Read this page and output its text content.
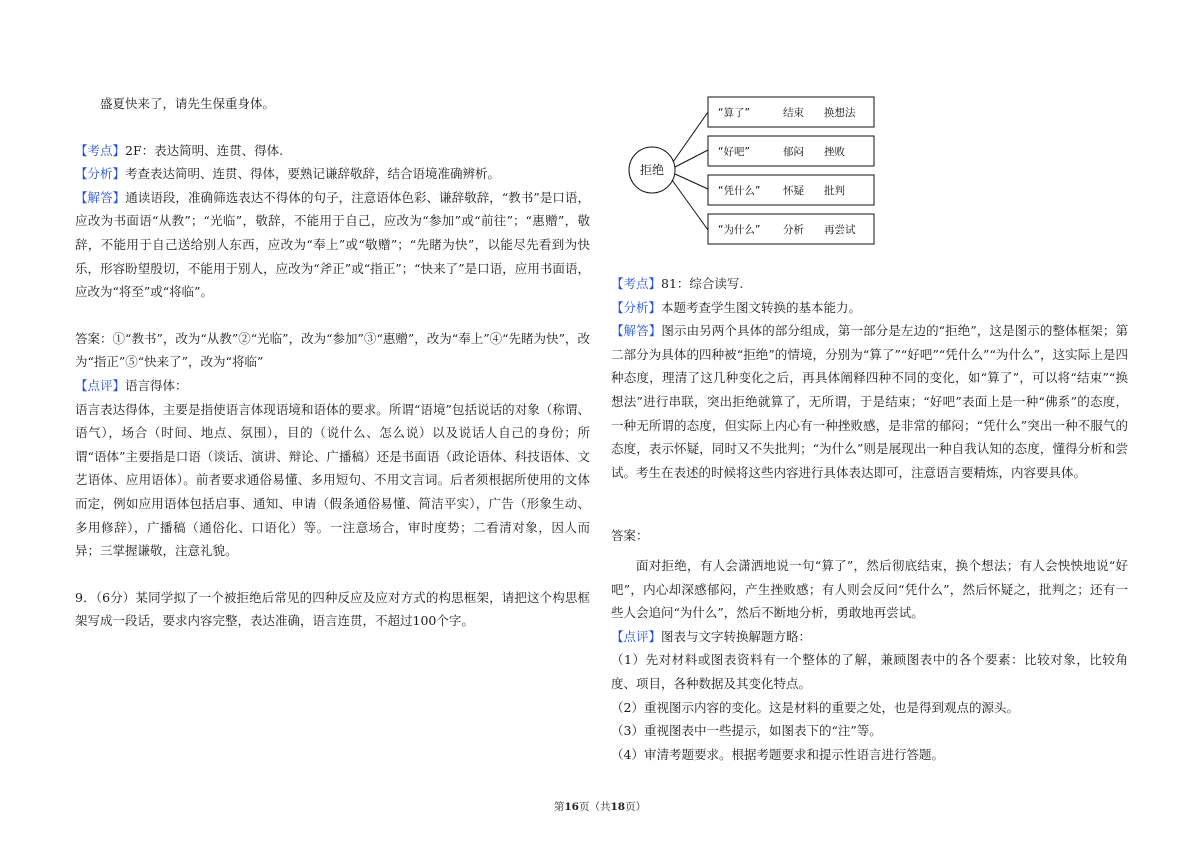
盛夏快来了，请先生保重身体。

【考点】2F：表达简明、连贯、得体.

【分析】考查表达简明、连贯、得体，要熟记谦辞敬辞，结合语境准确辨析。

【解答】通读语段，准确筛选表达不得体的句子，注意语体色彩、谦辞敬辞，“教书”是口语，应改为书面语“从教”；“光临”，敬辞，不能用于自己，应改为“参加”或“前往”；“惠赠”，敬辞，不能用于自己送给别人东西，应改为“奉上”或“敬赠”；“先睹为快”，以能尽先看到为快乐，形容盼望殷切，不能用于别人，应改为“斧正”或“指正”；“快来了”是口语，应用书面语，应改为“将至”或“将临”。

答案：①“教书”，改为“从教”②“光临”，改为“参加”③“惠赠”，改为“奉上”④“先睹为快”，改为“指正”⑤“快来了”，改为“将临”

【点评】语言得体：

语言表达得体，主要是指使语言体现语境和语体的要求。所谓“语境”包括说话的对象（称谓、语气），场合（时间、地点、氛围），目的（说什么、怎么说）以及说话人自己的身份；所谓“语体”主要指是口语（谈话、演讲、辩论、广播稿）还是书面语（政论语体、科技语体、文艺语体、应用语体）。前者要求通俗易懂、多用短句、不用文言词。后者须根据所使用的文体而定，例如应用语体包括启事、通知、申请（假条通俗易懂、简洁平实），广告（形象生动、多用修辞），广播稿（通俗化、口语化）等。一注意场合，审时度势；二看清对象，因人而异；三掌握谦敬，注意礼貌。

9．（6分）某同学拟了一个被拒绝后常见的四种反应及应对方式的构思框架，请把这个构思框架写成一段话，要求内容完整，表达准确，语言连贯，不超过100个字。

拒绝
“算了”	结束 换想法
“好吧”	郁闷 挫败
“凭什么” 怀疑 批判
“为什么” 分析 再尝试

【考点】81：综合读写.

【分析】本题考查学生图文转换的基本能力。

【解答】图示由另两个具体的部分组成，第一部分是左边的“拒绝”，这是图示的整体框架；第二部分为具体的四种被“拒绝”的情境，分别为“算了”“好吧”“凭什么”“为什么”，这实际上是四种态度，理清了这几种变化之后，再具体阐释四种不同的变化，如“算了”，可以将“结束”“换想法”进行串联，突出拒绝就算了，无所谓，于是结束；“好吧”表面上是一种“佛系”的态度，一种无所谓的态度，但实际上内心有一种挫败感，是非常的郁闷；“凭什么”突出一种不服气的态度，表示怀疑，同时又不失批判；“为什么”则是展现出一种自我认知的态度，懂得分析和尝试。考生在表述的时候将这些内容进行具体表达即可，注意语言要精炼，内容要具体。

答案：

面对拒绝，有人会潇洒地说一句“算了”，然后彻底结束，换个想法；有人会怏怏地说“好吧”，内心却深感郁闷，产生挫败感；有人则会反问“凭什么”，然后怀疑之，批判之；还有一些人会追问“为什么”，然后不断地分析，勇敢地再尝试。

【点评】图表与文字转换解题方略：

（1）先对材料或图表资料有一个整体的了解，兼顾图表中的各个要素：比较对象，比较角度、项目，各种数据及其变化特点。

（2）重视图示内容的变化。这是材料的重要之处，也是得到观点的源头。

（3）重视图表中一些提示，如图表下的“注”等。

（4）审清考题要求。根据考题要求和提示性语言进行答题。

第16页（共18页）
